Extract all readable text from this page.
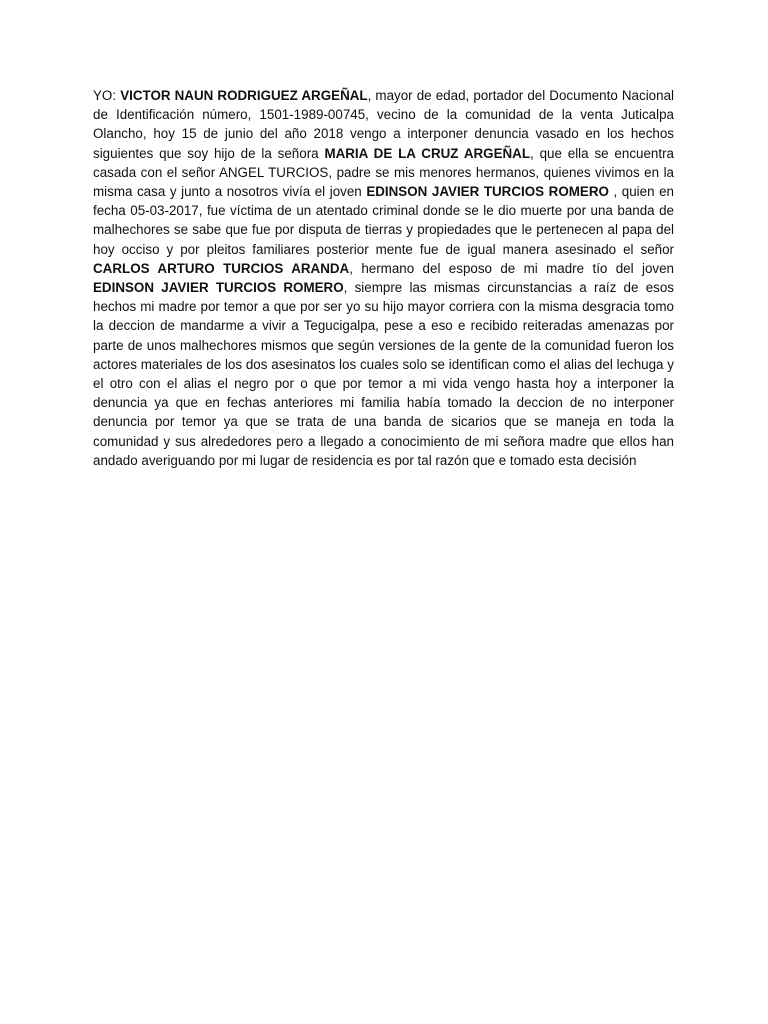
YO: VICTOR NAUN RODRIGUEZ ARGEÑAL, mayor de edad, portador del Documento Nacional de Identificación número, 1501-1989-00745, vecino de la comunidad de la venta Juticalpa Olancho, hoy 15 de junio del año 2018 vengo a interponer denuncia vasado en los hechos siguientes que soy hijo de la señora MARIA DE LA CRUZ ARGEÑAL, que ella se encuentra casada con el señor ANGEL TURCIOS, padre se mis menores hermanos, quienes vivimos en la misma casa y junto a nosotros vivía el joven EDINSON JAVIER TURCIOS ROMERO , quien en fecha 05-03-2017, fue víctima de un atentado criminal donde se le dio muerte por una banda de malhechores se sabe que fue por disputa de tierras y propiedades que le pertenecen al papa del hoy occiso y por pleitos familiares posterior mente fue de igual manera asesinado el señor CARLOS ARTURO TURCIOS ARANDA, hermano del esposo de mi madre tío del joven EDINSON JAVIER TURCIOS ROMERO, siempre las mismas circunstancias a raíz de esos hechos mi madre por temor a que por ser yo su hijo mayor corriera con la misma desgracia tomo la deccion de mandarme a vivir a Tegucigalpa, pese a eso e recibido reiteradas amenazas por parte de unos malhechores mismos que según versiones de la gente de la comunidad fueron los actores materiales de los dos asesinatos los cuales solo se identifican como el alias del lechuga y el otro con el alias el negro por o que por temor a mi vida vengo hasta hoy a interponer la denuncia ya que en fechas anteriores mi familia había tomado la deccion de no interponer denuncia por temor ya que se trata de una banda de sicarios que se maneja en toda la comunidad y sus alrededores pero a llegado a conocimiento de mi señora madre que ellos han andado averiguando por mi lugar de residencia es por tal razón que e tomado esta decisión
